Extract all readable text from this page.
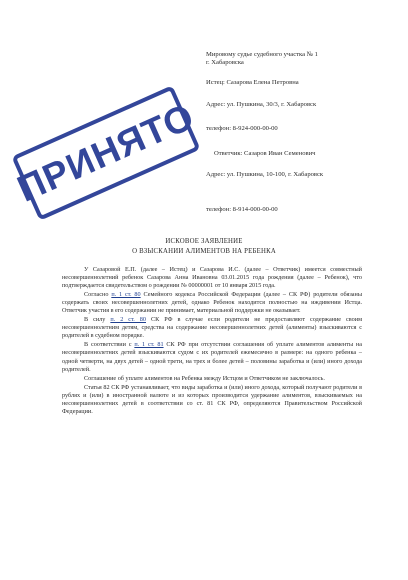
Мировому судье судебного участка № 1
г. Хабаровска
Истец: Сазарова Елена Петровна
Адрес: ул. Пушкина, 30/3, г. Хабаровск
телефон: 8-924-000-00-00
Ответчик: Сазаров Иван Семенович
Адрес: ул. Пушкина, 10-100, г. Хабаровск
телефон: 8-914-000-00-00
ПРИНЯТО
ИСКОВОЕ ЗАЯВЛЕНИЕ
О ВЗЫСКАНИИ АЛИМЕНТОВ НА РЕБЕНКА

У Сазаровой Е.П. (далее – Истец) и Сазарова И.С. (далее – Ответчик) имеется совместный несовершеннолетний ребенок Сазарова Анна Ивановна 03.01.2015 года рождения (далее – Ребенок), что подтверждается свидетельством о рождении № 00000001 от 10 января 2015 года.

Согласно п. 1 ст. 80 Семейного кодекса Российской Федерации (далее – СК РФ) родители обязаны содержать своих несовершеннолетних детей, однако Ребенок находится полностью на иждивении Истца. Ответчик участия в его содержании не принимает, материальной поддержки не оказывает.

В силу п. 2 ст. 80 СК РФ в случае если родители не предоставляют содержание своим несовершеннолетним детям, средства на содержание несовершеннолетних детей (алименты) взыскиваются с родителей в судебном порядке.

В соответствии с п. 1 ст. 81 СК РФ при отсутствии соглашения об уплате алиментов алименты на несовершеннолетних детей взыскиваются судом с их родителей ежемесячно в размере: на одного ребенка – одной четверти, на двух детей – одной трети, на трех и более детей – половины заработка и (или) иного дохода родителей.

Соглашение об уплате алиментов на Ребенка между Истцом и Ответчиком не заключалось.

Статья 82 СК РФ устанавливает, что виды заработка и (или) иного дохода, который получают родители в рублях и (или) в иностранной валюте и из которых производится удержание алиментов, взыскиваемых на несовершеннолетних детей в соответствии со ст. 81 СК РФ, определяются Правительством Российской Федерации.
